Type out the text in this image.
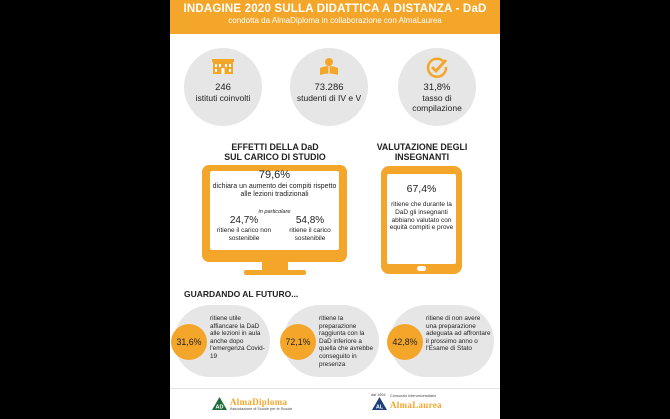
INDAGINE 2020 SULLA DIDATTICA A DISTANZA - DaD
condotta da AlmaDiploma in collaborazione con AlmaLaurea
246
istituti coinvolti
73.286
studenti di IV e V
31,8%
tasso di compilazione
EFFETTI DELLA DaD SUL CARICO DI STUDIO
VALUTAZIONE DEGLI INSEGNANTI
79,6%
dichiara un aumento dei compiti rispetto alle lezioni tradizionali
in particolare
24,7%
ritiene il carico non sostenibile
54,8%
ritiene il carico sostenibile
67,4%
ritiene che durante la DaD gli insegnanti abbiano valutato con equità compiti e prove
GUARDANDO AL FUTURO...
31,6%
ritiene utile affiancare la DaD alle lezioni in aula anche dopo l'emergenza Covid-19
72,1%
ritiene la preparazione raggiunta con la DaD inferiore a quella che avrebbe conseguito in presenza
42,8%
ritiene di non avere una preparazione adeguata ad affrontare il prossimo anno o l'Esame di Stato
AD
AlmaDiploma
Associazione di Scuole per le Scuole
dal 1994
AL
Consorzio Interuniversitario
AlmaLaurea
